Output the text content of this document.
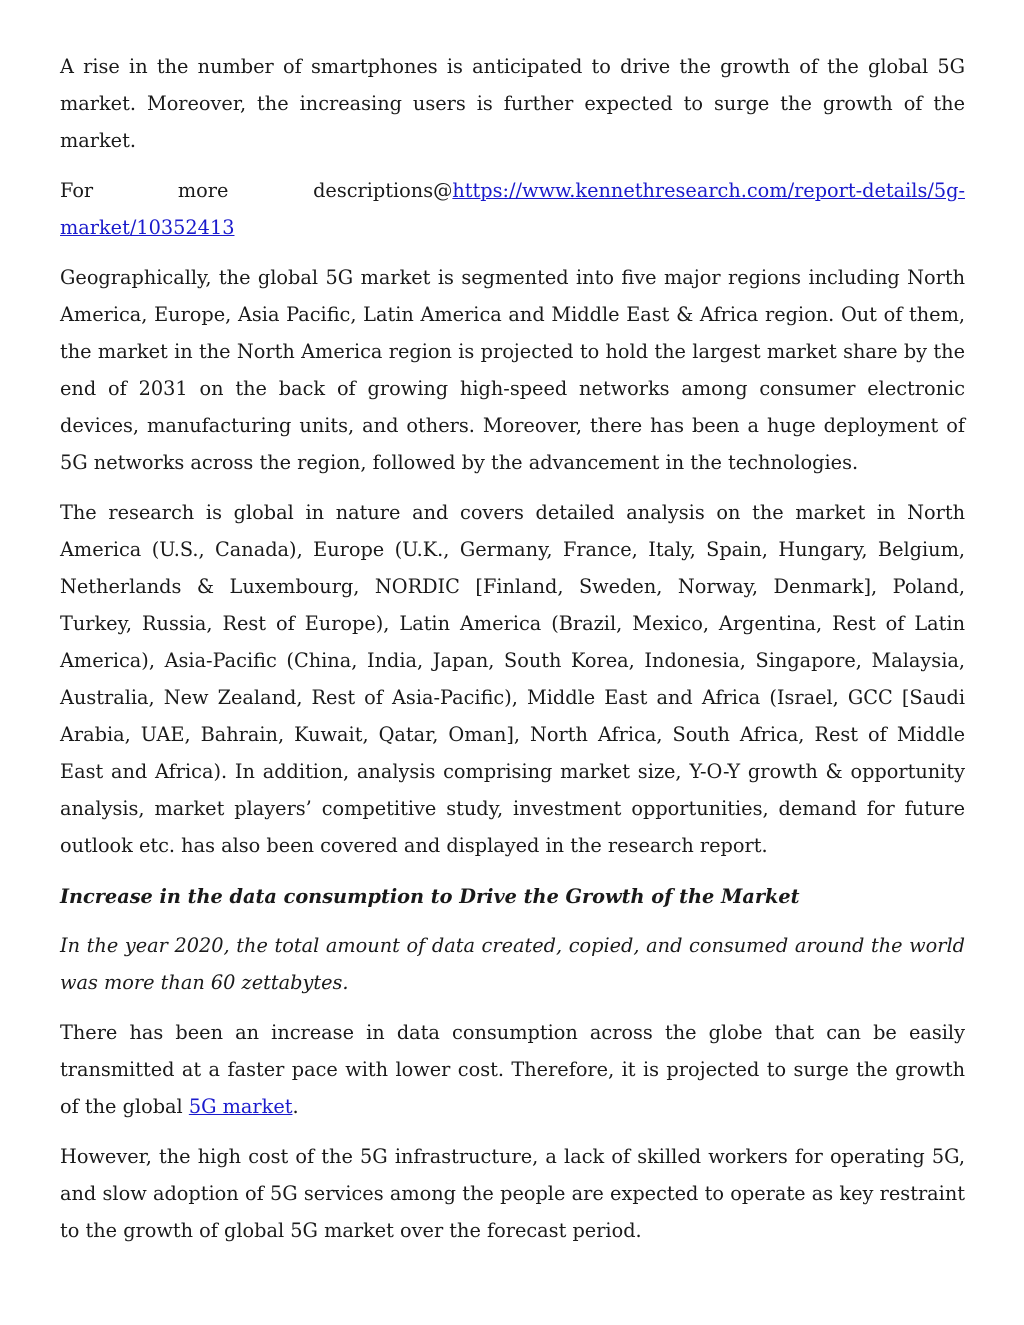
A rise in the number of smartphones is anticipated to drive the growth of the global 5G market. Moreover, the increasing users is further expected to surge the growth of the market.

For	more	descriptions@https://www.kennethresearch.com/report-details/5g-
market/10352413

Geographically, the global 5G market is segmented into five major regions including North America, Europe, Asia Pacific, Latin America and Middle East & Africa region. Out of them, the market in the North America region is projected to hold the largest market share by the end of 2031 on the back of growing high-speed networks among consumer electronic devices, manufacturing units, and others. Moreover, there has been a huge deployment of 5G networks across the region, followed by the advancement in the technologies.

The research is global in nature and covers detailed analysis on the market in North America (U.S., Canada), Europe (U.K., Germany, France, Italy, Spain, Hungary, Belgium, Netherlands & Luxembourg, NORDIC [Finland, Sweden, Norway, Denmark], Poland, Turkey, Russia, Rest of Europe), Latin America (Brazil, Mexico, Argentina, Rest of Latin America), Asia-Pacific (China, India, Japan, South Korea, Indonesia, Singapore, Malaysia, Australia, New Zealand, Rest of Asia-Pacific), Middle East and Africa (Israel, GCC [Saudi Arabia, UAE, Bahrain, Kuwait, Qatar, Oman], North Africa, South Africa, Rest of Middle East and Africa). In addition, analysis comprising market size, Y-O-Y growth & opportunity analysis, market players’ competitive study, investment opportunities, demand for future outlook etc. has also been covered and displayed in the research report.

Increase in the data consumption to Drive the Growth of the Market

In the year 2020, the total amount of data created, copied, and consumed around the world was more than 60 zettabytes.

There has been an increase in data consumption across the globe that can be easily transmitted at a faster pace with lower cost. Therefore, it is projected to surge the growth of the global 5G market.

However, the high cost of the 5G infrastructure, a lack of skilled workers for operating 5G, and slow adoption of 5G services among the people are expected to operate as key restraint to the growth of global 5G market over the forecast period.
